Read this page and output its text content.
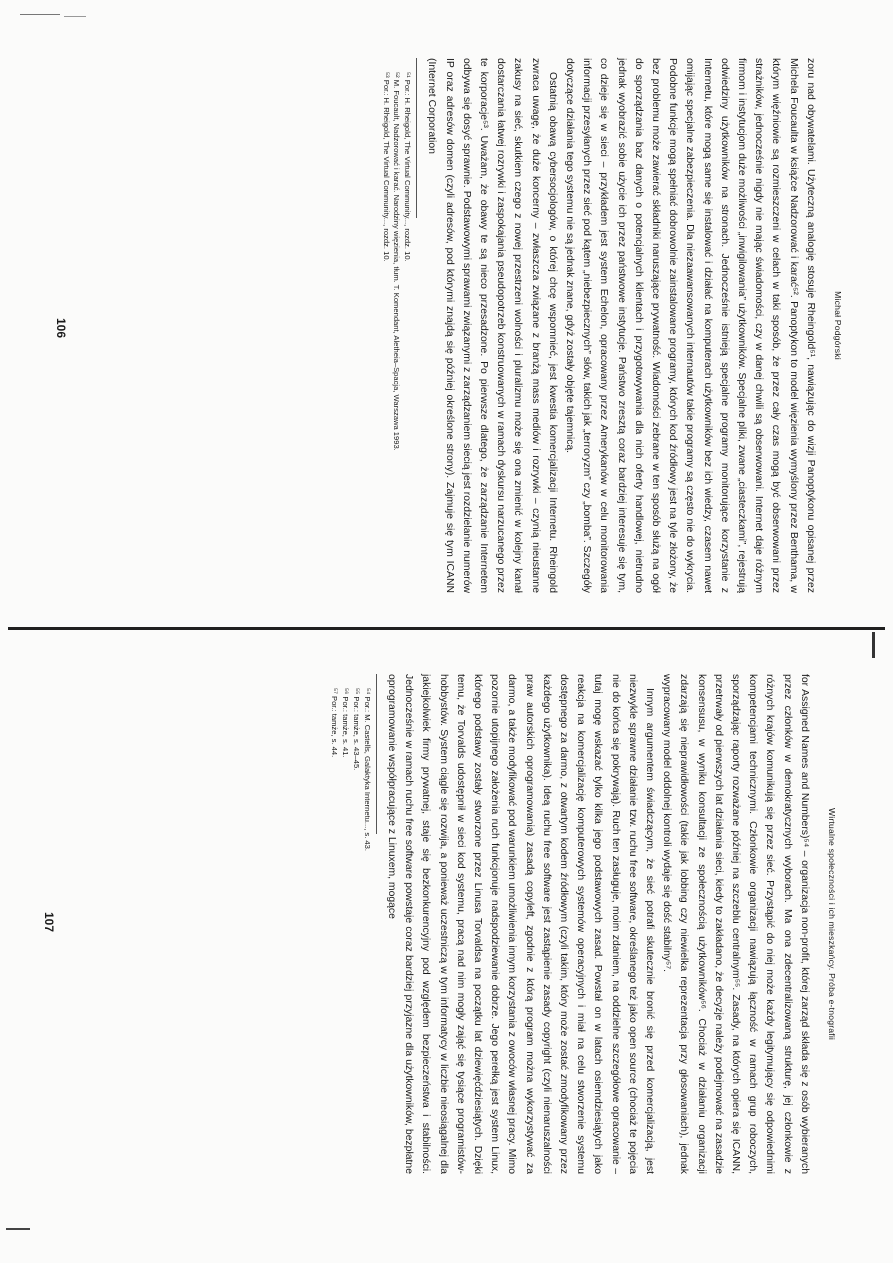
Michał Podgórski

zoru nad obywatelami. Użyteczną analogię stosuje Rheingold⁵¹, nawiązując do wizji Panoptykonu opisanej przez Michela Foucaulta w książce Nadzorować i karać⁵². Panoptykon to model więzienia wymyślony przez Benthama, w którym więźniowie są rozmieszczeni w celach w taki sposób, że przez cały czas mogą być obserwowani przez strażników, jednocześnie nigdy nie mając świadomości, czy w danej chwili są obserwowani. Internet daje różnym firmom i instytucjom duże możliwości „inwigilowania” użytkowników. Specjalne pliki, zwane „ciasteczkami”, rejestrują odwiedziny użytkowników na stronach. Jednocześnie istnieją specjalne programy monitorujące korzystanie z Internetu, które mogą same się instalować i działać na komputerach użytkowników bez ich wiedzy, czasem nawet omijając specjalne zabezpieczenia. Dla niezaawansowanych internautów takie programy są często nie do wykrycia. Podobne funkcje mogą spełniać dobrowolnie zainstalowane programy, których kod źródłowy jest na tyle złożony, że bez problemu może zawierać składniki naruszające prywatność. Wiadomości zebrane w ten sposób służą na ogół do sporządzania baz danych o potencjalnych klientach i przygotowywania dla nich oferty handlowej, nietrudno jednak wyobrazić sobie użycie ich przez państwowe instytucje. Państwo zresztą coraz bardziej interesuje się tym, co dzieje się w sieci – przykładem jest system Echelon, opracowany przez Amerykanów w celu monitorowania informacji przesyłanych przez sieć pod kątem „niebezpiecznych” słów, takich jak „terroryzm” czy „bomba”. Szczegóły dotyczące działania tego systemu nie są jednak znane, gdyż zostały objęte tajemnicą.

Ostatnią obawą cybersocjologów, o której chcę wspomnieć, jest kwestia komercjalizacji Internetu. Rheingold zwraca uwagę, że duże koncerny – zwłaszcza związane z branżą mass mediów i rozrywki – czynią nieustanne zakusy na sieć, skutkiem czego z nowej przestrzeni wolności i pluralizmu może się ona zmienić w kolejny kanał dostarczania łatwej rozrywki i zaspokajania pseudopotrzeb konstruowanych w ramach dyskursu narzucanego przez te korporacje⁵³. Uważam, że obawy te są nieco przesadzone. Po pierwsze dlatego, że zarządzanie Internetem odbywa się dosyć sprawnie. Podstawowymi sprawami związanymi z zarządzaniem siecią jest rozdzielanie numerów IP oraz adresów domen (czyli adresów, pod którymi znajdą się później określone strony). Zajmuje się tym ICANN (Internet Corporation

⁵¹ Por.: H. Rheigold, The Virtual Community..., rozdz. 10.

⁵² M. Foucault, Nadzorować i karać. Narodziny więzienia, tłum. T. Komendant, Aletheia–Spacja, Warszawa 1993.

⁵³ Por.: H. Rheigold, The Virtual Community..., rozdz. 10.

106
Wirtualne społeczności i ich mieszkańcy. Próba e-tnografii

for Assigned Names and Numbers)⁵⁴ – organizacja non-profit, której zarząd składa się z osób wybieranych przez członków w demokratycznych wyborach. Ma ona zdecentralizowaną strukturę, jej członkowie z różnych krajów komunikują się przez sieć. Przystąpić do niej może każdy legitymujący się odpowiednimi kompetencjami technicznymi. Członkowie organizacji nawiązują łączność w ramach grup roboczych, sporządzając raporty rozważane później na szczeblu centralnym⁵⁵. Zasady, na których opiera się ICANN, przetrwały od pierwszych lat działania sieci, kiedy to zakładano, że decyzje należy podejmować na zasadzie konsensusu, w wyniku konsultacji ze społecznością użytkowników⁵⁶. Chociaż w działaniu organizacji zdarzają się nieprawidłowości (takie jak lobbing czy niewielka reprezentacja przy głosowaniach), jednak wypracowany model oddolnej kontroli wydaje się dość stabilny⁵⁷.

Innym argumentem świadczącym, że sieć potrafi skutecznie bronić się przed komercjalizacją, jest niezwykle sprawne działanie tzw. ruchu free software, określanego też jako open source (chociaż te pojęcia nie do końca się pokrywają). Ruch ten zasługuje, moim zdaniem, na oddzielne szczegółowe opracowanie – tutaj mogę wskazać tylko kilka jego podstawowych zasad. Powstał on w latach osiemdziesiątych jako reakcja na komercjalizację komputerowych systemów operacyjnych i miał na celu stworzenie systemu dostępnego za darmo, z otwartym kodem źródłowym (czyli takim, który może zostać zmodyfikowany przez każdego użytkownika). Ideą ruchu free software jest zastąpienie zasady copyright (czyli nienaruszalności praw autorskich oprogramowania) zasadą copyleft, zgodnie z którą program można wykorzystywać za darmo, a także modyfikować pod warunkiem umożliwienia innym korzystania z owoców własnej pracy. Mimo pozornie utopijnego założenia ruch funkcjonuje nadspodziewanie dobrze. Jego perełką jest system Linux, którego podstawy zostały stworzone przez Linusa Torvaldsa na początku lat dziewięćdziesiątych. Dzięki temu, że Torvalds udostępnił w sieci kod systemu, pracą nad nim mogły zająć się tysiące programistów-hobbystów. System ciągle się rozwija, a ponieważ uczestniczą w tym informatycy w liczbie nieosiągalnej dla jakiejkolwiek firmy prywatnej, staje się bezkonkurencyjny pod względem bezpieczeństwa i stabilności. Jednocześnie w ramach ruchu free software powstaje coraz bardziej przyjazne dla użytkowników, bezpłatne oprogramowanie współpracujące z Linuxem, mogące

⁵⁴ Por.: M. Castells, Galaktyka Internetu..., s. 43.

⁵⁵ Por.: tamże, s. 43–45.

⁵⁶ Por.: tamże, s. 41.

⁵⁷ Por.: tamże, s. 44.

107
